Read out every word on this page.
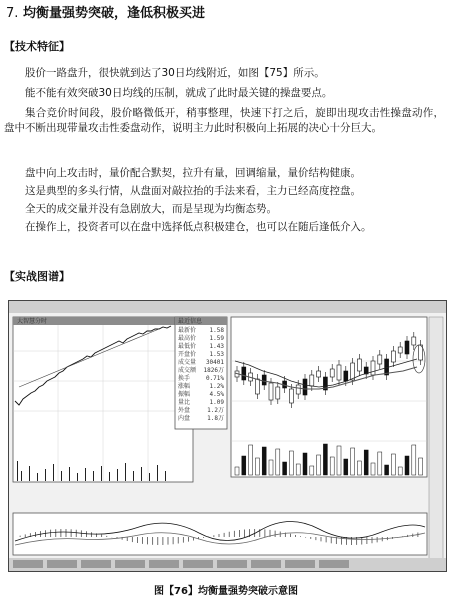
7. 均衡量强势突破，逢低积极买进
【技术特征】

股价一路盘升，很快就到达了30日均线附近，如图【75】所示。

能不能有效突破30日均线的压制，就成了此时最关键的操盘要点。

集合竞价时间段，股价略微低开，稍事整理，快速下打之后，旋即出现攻击性操盘动作，盘中不断出现带量攻击性委盘动作，说明主力此时积极向上拓展的决心十分巨大。

盘中向上攻击时，量价配合默契，拉升有量，回调缩量，量价结构健康。

这是典型的多头行情，从盘面对敲拉抬的手法来看，主力已经高度控盘。

全天的成交量并没有急剧放大，而是呈现为均衡态势。

在操作上，投资者可以在盘中选择低点积极建仓，也可以在随后逢低介入。

【实战图谱】
大智慧分时	最近信息
最新价 1.58
最高价 1.59
最低价 1.43
开盘价 1.53
成交量 30401
成交额 1826万
换手	0.71%
涨幅	1.2%
振幅	4.5%
量比	1.09
外盘	1.2万
内盘	1.8万
图【76】均衡量强势突破示意图
